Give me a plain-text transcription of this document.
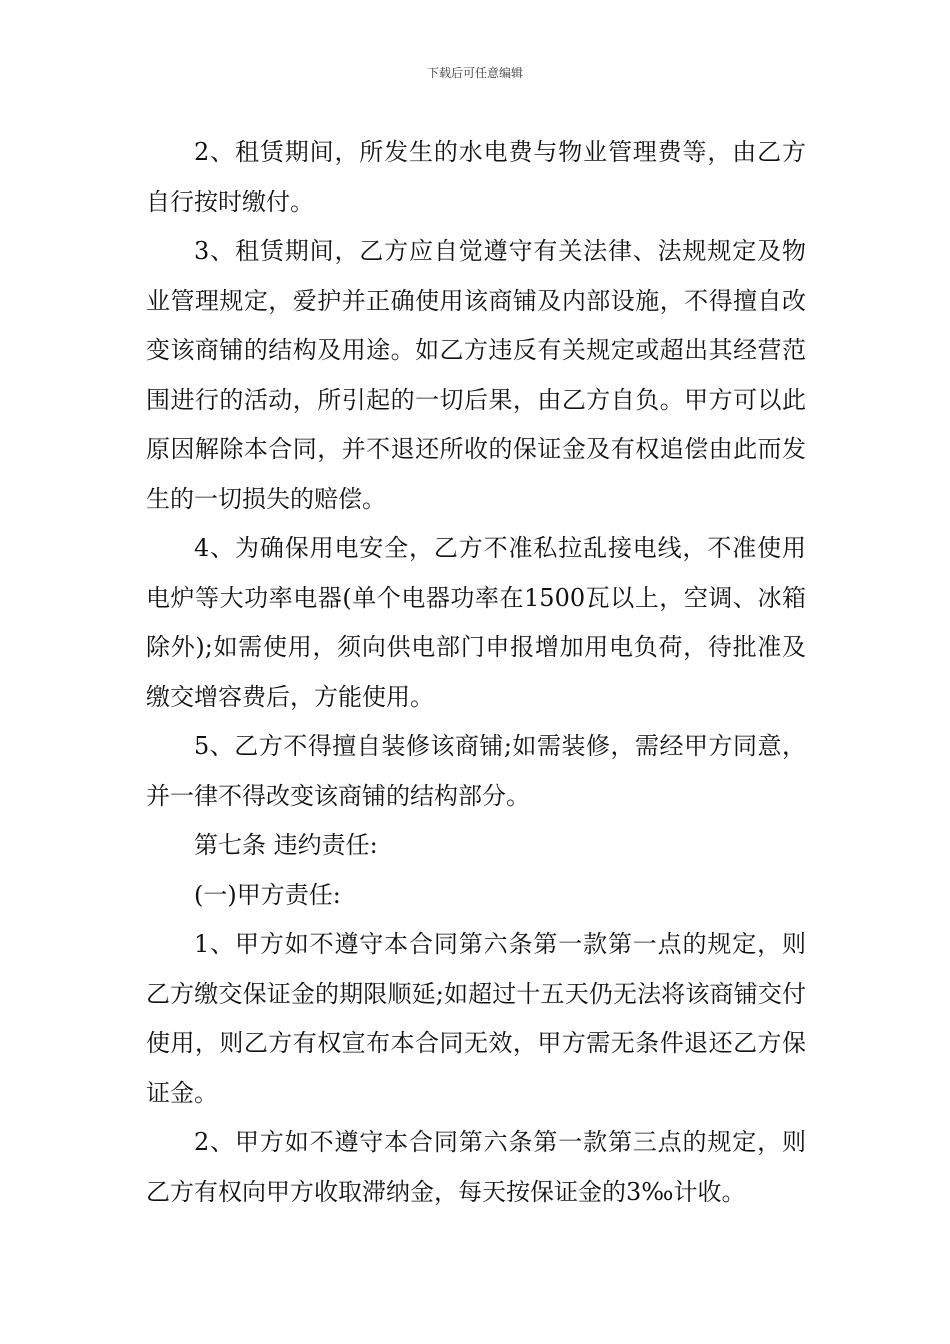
下载后可任意编辑

2、租赁期间，所发生的水电费与物业管理费等，由乙方自行按时缴付。

3、租赁期间，乙方应自觉遵守有关法律、法规规定及物业管理规定，爱护并正确使用该商铺及内部设施，不得擅自改变该商铺的结构及用途。如乙方违反有关规定或超出其经营范围进行的活动，所引起的一切后果，由乙方自负。甲方可以此原因解除本合同，并不退还所收的保证金及有权追偿由此而发生的一切损失的赔偿。

4、为确保用电安全，乙方不准私拉乱接电线，不准使用电炉等大功率电器(单个电器功率在1500瓦以上，空调、冰箱除外);如需使用，须向供电部门申报增加用电负荷，待批准及缴交增容费后，方能使用。

5、乙方不得擅自装修该商铺;如需装修，需经甲方同意，并一律不得改变该商铺的结构部分。

第七条 违约责任:

(一)甲方责任:

1、甲方如不遵守本合同第六条第一款第一点的规定，则乙方缴交保证金的期限顺延;如超过十五天仍无法将该商铺交付使用，则乙方有权宣布本合同无效，甲方需无条件退还乙方保证金。

2、甲方如不遵守本合同第六条第一款第三点的规定，则乙方有权向甲方收取滞纳金，每天按保证金的3‰计收。
